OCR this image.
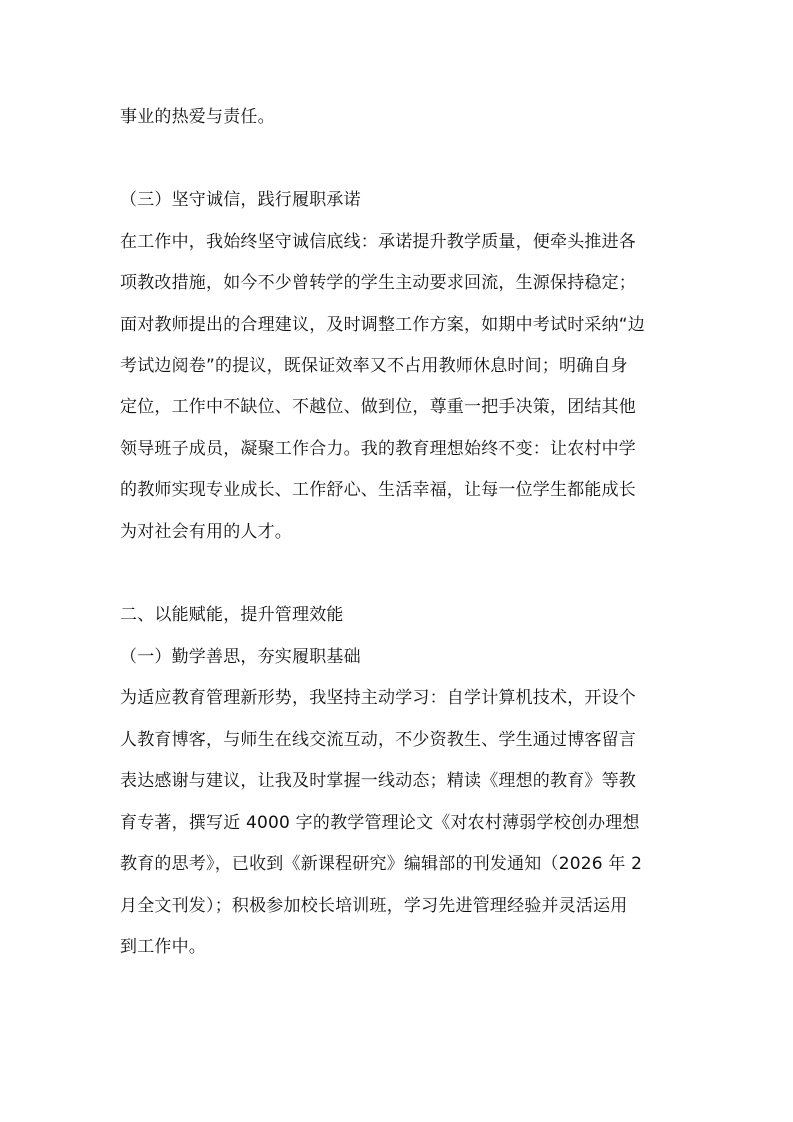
事业的热爱与责任。
（三）坚守诚信，践行履职承诺
在工作中，我始终坚守诚信底线：承诺提升教学质量，便牵头推进各
项教改措施，如今不少曾转学的学生主动要求回流，生源保持稳定；
面对教师提出的合理建议，及时调整工作方案，如期中考试时采纳“边
考试边阅卷”的提议，既保证效率又不占用教师休息时间；明确自身
定位，工作中不缺位、不越位、做到位，尊重一把手决策，团结其他
领导班子成员，凝聚工作合力。我的教育理想始终不变：让农村中学
的教师实现专业成长、工作舒心、生活幸福，让每一位学生都能成长
为对社会有用的人才。
二、以能赋能，提升管理效能
（一）勤学善思，夯实履职基础
为适应教育管理新形势，我坚持主动学习：自学计算机技术，开设个
人教育博客，与师生在线交流互动，不少资教生、学生通过博客留言
表达感谢与建议，让我及时掌握一线动态；精读《理想的教育》等教
育专著，撰写近 4000 字的教学管理论文《对农村薄弱学校创办理想
教育的思考》，已收到《新课程研究》编辑部的刊发通知（2026 年 2
月全文刊发）；积极参加校长培训班，学习先进管理经验并灵活运用
到工作中。
